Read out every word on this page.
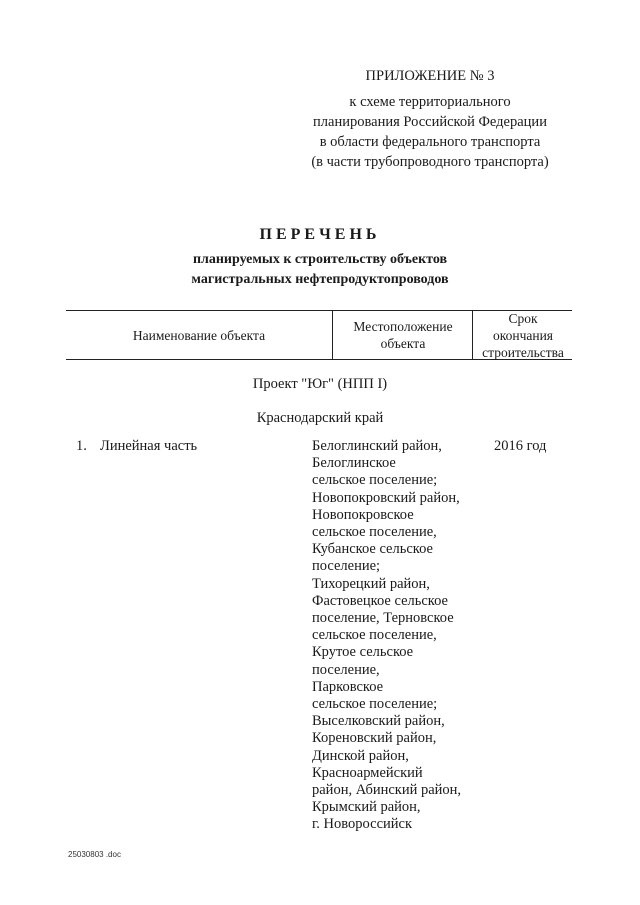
ПРИЛОЖЕНИЕ № 3
к схеме территориального
планирования Российской Федерации
в области федерального транспорта
(в части трубопроводного транспорта)
ПЕРЕЧЕНЬ
планируемых к строительству объектов
магистральных нефтепродуктопроводов
Наименование объекта
Местоположение
объекта
Срок
окончания
строительства
Проект "Юг" (НПП I)
Краснодарский край
1. Линейная часть	Белоглинский район,
Белоглинское
сельское поселение;
Новопокровский район,
Новопокровское
сельское поселение,
Кубанское сельское
поселение;
Тихорецкий район,
Фастовецкое сельское
поселение, Терновское
сельское поселение,
Крутое сельское
поселение,
Парковское
сельское поселение;
Выселковский район,
Кореновский район,
Динской район,
Красноармейский
район, Абинский район,
Крымский район,
г. Новороссийск
2016 год
25030803 .doc
